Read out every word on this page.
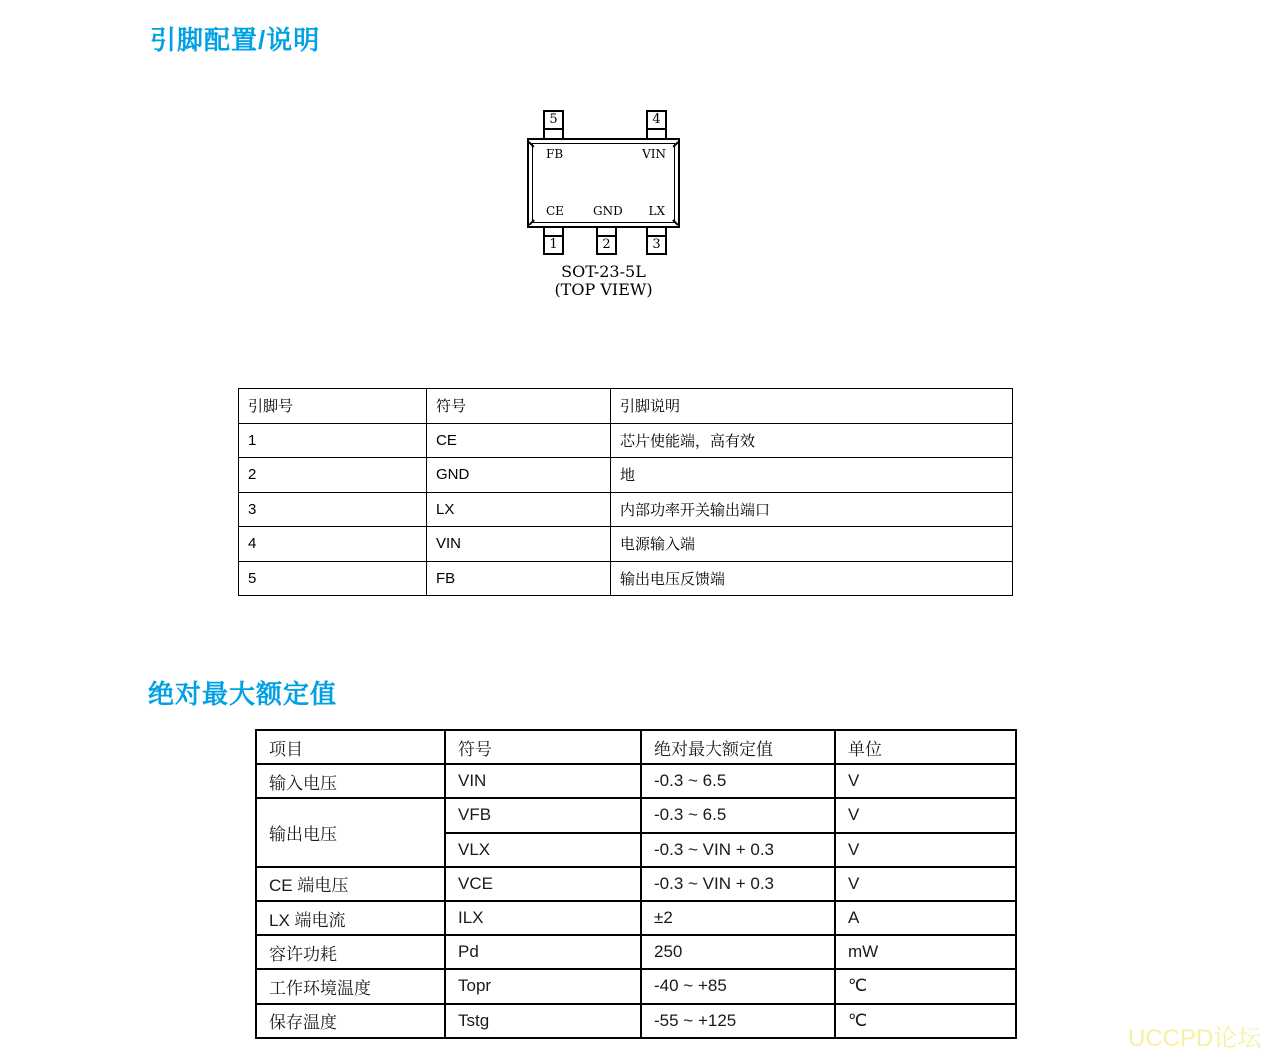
引脚配置/说明
5	4
FB	VIN
CE GND LX
1	2	3
SOT-23-5L
(TOP VIEW)
引脚号	符号	引脚说明
1	CE	芯片使能端，高有效
2	GND	地
3	LX	内部功率开关输出端口
4	VIN	电源输入端
5	FB	输出电压反馈端
绝对最大额定值
项目	符号	绝对最大额定值	单位
输入电压	VIN	-0.3 ~ 6.5	V
输出电压	VFB	-0.3 ~ 6.5	V
	VLX	-0.3 ~ VIN + 0.3	V
CE 端电压	VCE	-0.3 ~ VIN + 0.3	V
LX 端电流	ILX	±2	A
容许功耗	Pd	250	mW
工作环境温度	Topr	-40 ~ +85	℃
保存温度	Tstg	-55 ~ +125	℃
UCCPD论坛
